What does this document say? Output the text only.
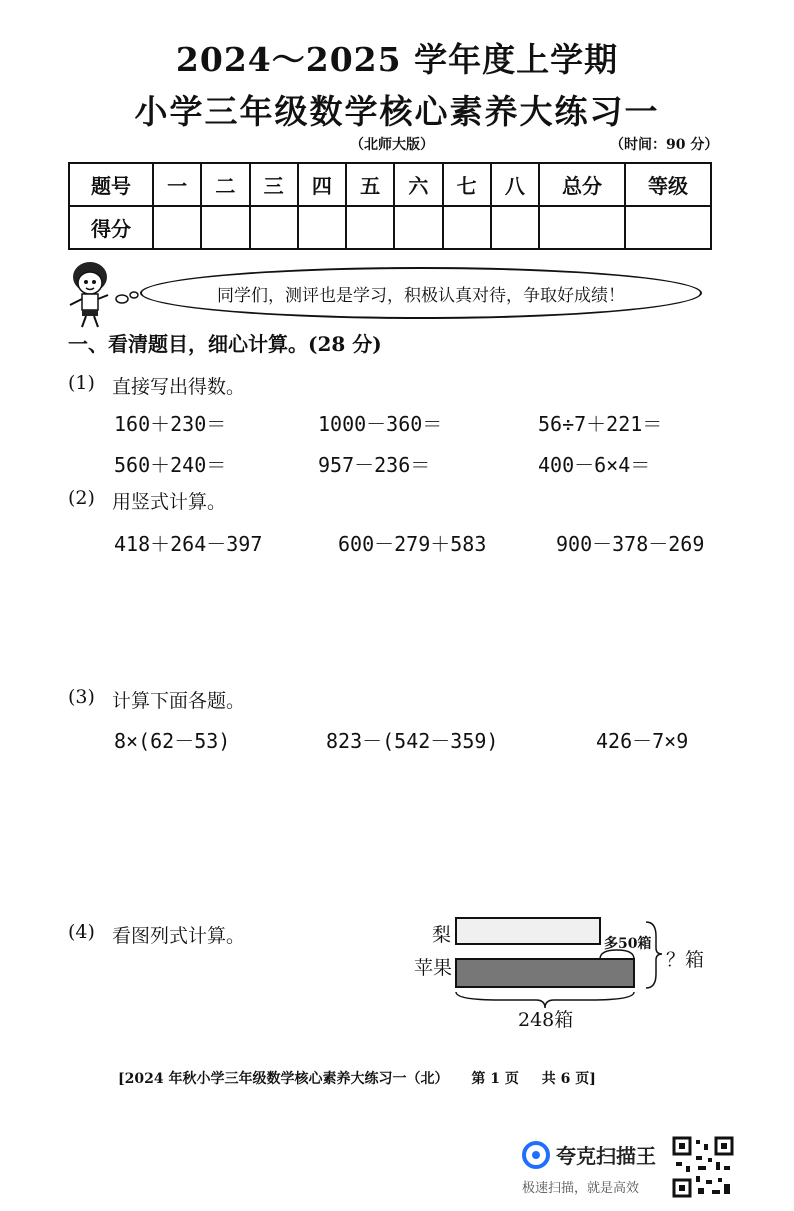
2024～2025 学年度上学期
小学三年级数学核心素养大练习一
（北师大版）	（时间：90 分）
题号	一	二	三	四	五	六	七	八	总分	等级
得分										
同学们，测评也是学习，积极认真对待，争取好成绩！
一、看清题目，细心计算。(28 分)
(1) 直接写出得数。
160＋230＝	1000－360＝	56÷7＋221＝
560＋240＝	957－236＝	400－6×4＝
(2) 用竖式计算。
418＋264－397	600－279＋583	900－378－269
(3) 计算下面各题。
8×(62－53)	823－(542－359)	426－7×9
(4) 看图列式计算。	梨
苹果
多50箱
？箱
248箱
[2024 年秋小学三年级数学核心素养大练习一（北） 第 1 页 共 6 页]
夸克扫描王
极速扫描，就是高效
